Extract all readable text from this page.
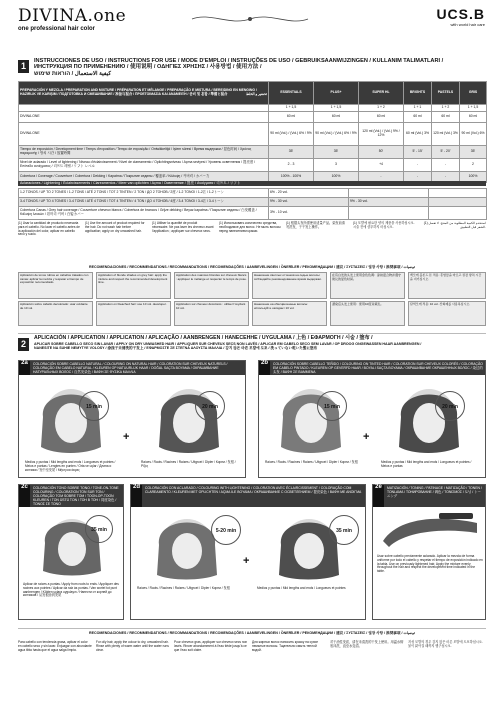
DIVINA.one
one professional hair color
UCS.B
with world hair care
1	INSTRUCCIONES DE USO / INSTRUCTIONS FOR USE / MODE D'EMPLOI / INSTRUÇÕES DE USO / GEBRUIKSAANWIJZINGEN / KULLANIM TALIMATLARI /
ИНСТРУКЦИЯ ПО ПРИМЕНЕНИЮ / 使用说明 / ΟΔΗΓΙΕΣ ΧΡΗΣΗΣ / 사용방법 / 使用方法 /
كيفية الاستعمال / הוראות שימוש
PREPARACIÓN Y MEZCLA / PREPARATION AND MIXTURE / PRÉPARATION ET MÉLANGE / PREPARAÇÃO E MISTURA / BEREIDING EN MENGING / HAZIRLIK VE KARIŞIM / ПОДГОТОВКА И СМЕШИВАНИЕ / 准备与混合 / ΠΡΟΕΤΟΙΜΑΣΙΑ ΚΑΙ ΑΝΑΜΕΙΞΗ / 준비 및 혼합 / 準備と混合 تحضير و الخلط	ESSENTIALS	PLUS+	SUPER HL	BRIGHTS	PASTELS	GRIS
	1 + 1,5	1 + 1,5	1 + 2	1 + 1	1 + 2	1 + 1,5
DIVINA.ONE	60 ml	60 ml	60 ml	60 ml	60 ml	60 ml
DIVINA.ONE	90 ml (Vol.) / (Vol.) 6% / 9%	90 ml (Vol.) / (Vol.) 6% / 9%	120 ml (Vol.) / (Vol.) 9% / 12%	60 ml (Vol.) 3%	120 ml (Vol.) 3%	90 ml (Vol.) 6%
Tiempo de exposición / Development time / Temps d'exposition / Tempo de exposição / Ontwikkeltijd / İşlem süresi / Время выдержки / 显色时间 / Χρόνος παραμονής / 방치 시간 / 放置時間	35'	35'	50'	5' - 15'	5' - 20'	35'
Nivel de aclarado / Level of lightening / Niveau d'éclaircissement / Nível de clareamento / Oplichtingsniveau / Açma seviyesi / Уровень осветления / 提亮度 / Επίπεδο ανοίγματος / 리프트 레벨 / リフト レベル	2 - 3	3	+4	-	-	2
Cobertura / Coverage / Couverture / Cobertura / Dekking / Kapatma / Покрытие седины / 覆盖率 / Κάλυψη / 커버력 / カバー力	100% - 100%	100%	-	-	-	100%
Aclaraciones / Lightening / Éclaircissements / Clareamentos / Meer van oplichten / Açma / Осветление / 提亮 / Ανοίγματα / 리프트 / リフト
1-2 TONOS / UP TO 2 TONES / 1-2 TONS / ATÉ 2 TONS / TOT 2 TINTEN / 2 TON / ДО 2 ТОНОВ / 2度 / 1-2 ΤΟΝΟΙ / 1-2톤 / 1-2トーン	6% - 20 vol.		
3-4 TONOS / UP TO 4 TONES / 3-4 TONS / ATÉ 4 TONS / TOT 4 TINTEN / 4 TON / ДО 4 ТОНОВ / 4度 / 3-4 ΤΟΝΟΙ / 3-4톤 / 3-4トーン	9% - 30 vol.	9% - 30 vol.	
Cobertura Canas / Grey hair coverage / Couverture cheveux blancs / Cobertura de brancos / Grijze dekking / Beyaz kapatma / Покрытие седины / 白发覆盖 / Κάλυψη λευκών / 흰머리 커버 / 白髪カバー	3% - 10 vol.		
(1) Usar la cantidad de producto necesaria para el cabello. No lavar el cabello antes de la aplicación del color, aplicar en cabello seco y sucio.
(1) Use the amount of product required for the hair. Do not wash hair before application; apply on dry unwashed hair.
(1) Utiliser la quantité de produit nécessaire. Ne pas laver les cheveux avant l'application ; appliquer sur cheveux secs.
(1) Использовать количество средства, необходимое для волос. Не мыть волосы перед нанесением краски.
(1) 根据头发所需使用适量产品。染发前请勿洗发，于干发上操作。
(1) 모발에 필요한 양의 제품을 사용하십시오. 시술 전에 샴푸하지 마십시오.
(1) استخدم الكمية المطلوبة من المنتج. لا تغسل الشعر قبل التطبيق.
RECOMENDACIONES / RECOMMENDATIONS / RECOMMANDATIONS / RECOMENDAÇÕES / AANBEVELINGEN / ÖNERİLER / РЕКОМЕНДАЦИИ / 建议 / ΣΥΣΤΑΣΕΙΣ / 권장 사항 / 推奨事項 / توصيات
Aplicación de tonos rubios en cabellos tratados con canas: aplicar la mezcla y respetar el tiempo de exposición recomendado.
Application of blonde shades on grey hair: apply the mixture and respect the recommended development time.
Application des nuances blondes sur cheveux blancs : appliquer le mélange et respecter le temps de pose.
Нанесение светлых оттенков на седые волосы: соблюдайте рекомендованное время выдержки.
在有白发的头发上使用金色色调：涂抹混合物并遵守建议的显色时间。
백모에 블론드 톤 적용: 혼합물을 바르고 권장 방치 시간을 지키십시오.
Aplicación sobre cabello decolorado: usar oxidante de 10 vol.
Application on bleached hair: use 10 vol. developer.	Application sur cheveux décolorés : utiliser l'oxydant 10 vol.
Нанесение на обесцвеченные волосы: используйте оксидант 10 vol.
漂染后头发上使用：使用10度双氧乳。	탈색모에 적용: 10 vol. 산화제를 사용하십시오.
2
APLICACIÓN / APPLICATION / APPLICATION / APLICAÇÃO / AANBRENGEN / HANECEHHE / UYGULAMA / 上色 / ΕΦΑΡΜΟΓΗ / 시술 / 塗布 /
APLICAR SOBRE CABELLO SECO SIN LAVAR / APPLY ON DRY UNWASHED HAIR / APPLIQUER SUR CHEVEUX SECS NON LAVÉS / APLICAR EM CABELO SECO SEM LAVAR / OP DROOG ONGEWASSEN HAAR AANBRENGEN /
NANESITE NA SUHIE NEMYTYE VOLOSY / 涂抹于未清洗的干发上 / ΕΦΑΡΜΟΣΤΕ ΣΕ ΣΤΕΓΝΑ ΑΛΟΥΣΤΑ ΜΑΛΛΙΑ / 감지 않은 마른 모발에 도포 / 洗っていない乾いた髪に塗布
2a	COLORACIÓN SOBRE CABELLO NATURAL / COLOURING ON NATURAL HAIR / COLORATION SUR CHEVEUX NATURELS / COLORAÇÃO EM CABELO NATURAL / KLEUREN OP NATUURLIJK HAAR / DOĞAL SAÇTA BOYAMA / ОКРАШИВАНИЕ НАТУРАЛЬНЫХ ВОЛОС / 自然发染色 / ΒΑΦΗ ΣΕ ΦΥΣΙΚΑ ΜΑΛΛΙΑ
15 min
+
20 min
Medios y puntas / Mid lengths and ends / Longueurs et pointes / Meios e pontas / Lengtes en punten / Orta ve uçlar / Длина и кончики / 发中至发尾 / Μήκη και άκρες
Raíces / Roots / Racines / Raízes / Uitgroei / Dipler / Корни / 发根 / Ρίζες
2b	COLORACIÓN SOBRE CABELLO TEÑIDO / COLOURING ON TINTED HAIR / COLORATION SUR CHEVEUX COLORÉS / COLORAÇÃO EM CABELO PINTADO / KLEUREN OP GEVERFD HAAR / BOYALI SAÇTA BOYAMA / ОКРАШИВАНИЕ ОКРАШЕННЫХ ВОЛОС / 染过的头发 / ΒΑΦΗ ΣΕ ΒΑΜΜΕΝΑ
15 min
+
20 min
Raíces / Roots / Racines / Raízes / Uitgroei / Dipler / Корни / 发根	Medios y puntas / Mid lengths and ends / Longueurs et pointes / Meios e pontas
2c	COLORACIÓN TONO SOBRE TONO / TONE-ON-TONE COLOURING / COLORATION TON SUR TON / COLORAÇÃO TOM SOBRE TOM / TOON-OP-TOON KLEUREN / TON ÜSTÜ TON / ТОН В ТОН / 同度染色 / ΤΟΝΟΣ ΣΕ ΤΟΝΟ
35 min
Aplicar de raíces a puntas / Apply from roots to ends / Appliquer des racines aux pointes / Aplicar da raiz às pontas / Van wortel tot punt aanbrengen / Kökten uçlara uygulayın / Нанести от корней до кончиков / 从发根涂到发尾
2d	COLORACIÓN CON ACLARADO / COLOURING WITH LIGHTENING / COLORATION AVEC ÉCLAIRCISSEMENT / COLORAÇÃO COM CLAREAMENTO / KLEUREN MET OPLICHTEN / AÇMA İLE BOYAMA / ОКРАШИВАНИЕ С ОСВЕТЛЕНИЕМ / 提亮染色 / ΒΑΦΗ ΜΕ ΑΝΟΙΓΜΑ
5-20 min
+
35 min
Raíces / Roots / Racines / Raízes / Uitgroei / Dipler / Корни / 发根	Medios y puntas / Mid lengths and ends / Longueurs et pointes
2e	MATIZACIÓN / TONING / PATINAGE / MATIZAÇÃO / TONEN / TONLAMA / ТОНИРОВАНИЕ / 调色 / ΤΟΝΙΣΜΟΣ / 토닝 / トーニング
Usar sobre cabello previamente aclarado. Aplicar la mezcla de forma uniforme por todo el cabello y respetar el tiempo de exposición indicado en la tabla. Use on previously lightened hair. Apply the mixture evenly throughout the hair and respect the development time indicated in the table.
RECOMENDACIONES / RECOMMENDATIONS / RECOMMANDATIONS / RECOMENDAÇÕES / AANBEVELINGEN / ÖNERİLER / РЕКОМЕНДАЦИИ / 建议 / ΣΥΣΤΑΣΕΙΣ / 권장 사항 / 推奨事項 / توصيات
Para cabello con tendencia grasa, aplicar el color en cabello seco y sin lavar. Enjuagar con abundante agua tibia hasta que el agua salga limpia.
For oily hair, apply the colour to dry, unwashed hair. Rinse with plenty of warm water until the water runs clear.
Pour cheveux gras, appliquer sur cheveux secs non lavés. Rincer abondamment à l'eau tiède jusqu'à ce que l'eau soit claire.
Для жирных волос наносить краску на сухие немытые волосы. Тщательно смыть теплой водой.
对于油性发质，请在未清洗的干发上使用。用温水彻底冲洗，直至水变清。
지성 모발의 경우 감지 않은 마른 모발에 도포하십시오. 물이 맑아질 때까지 헹구십시오.
